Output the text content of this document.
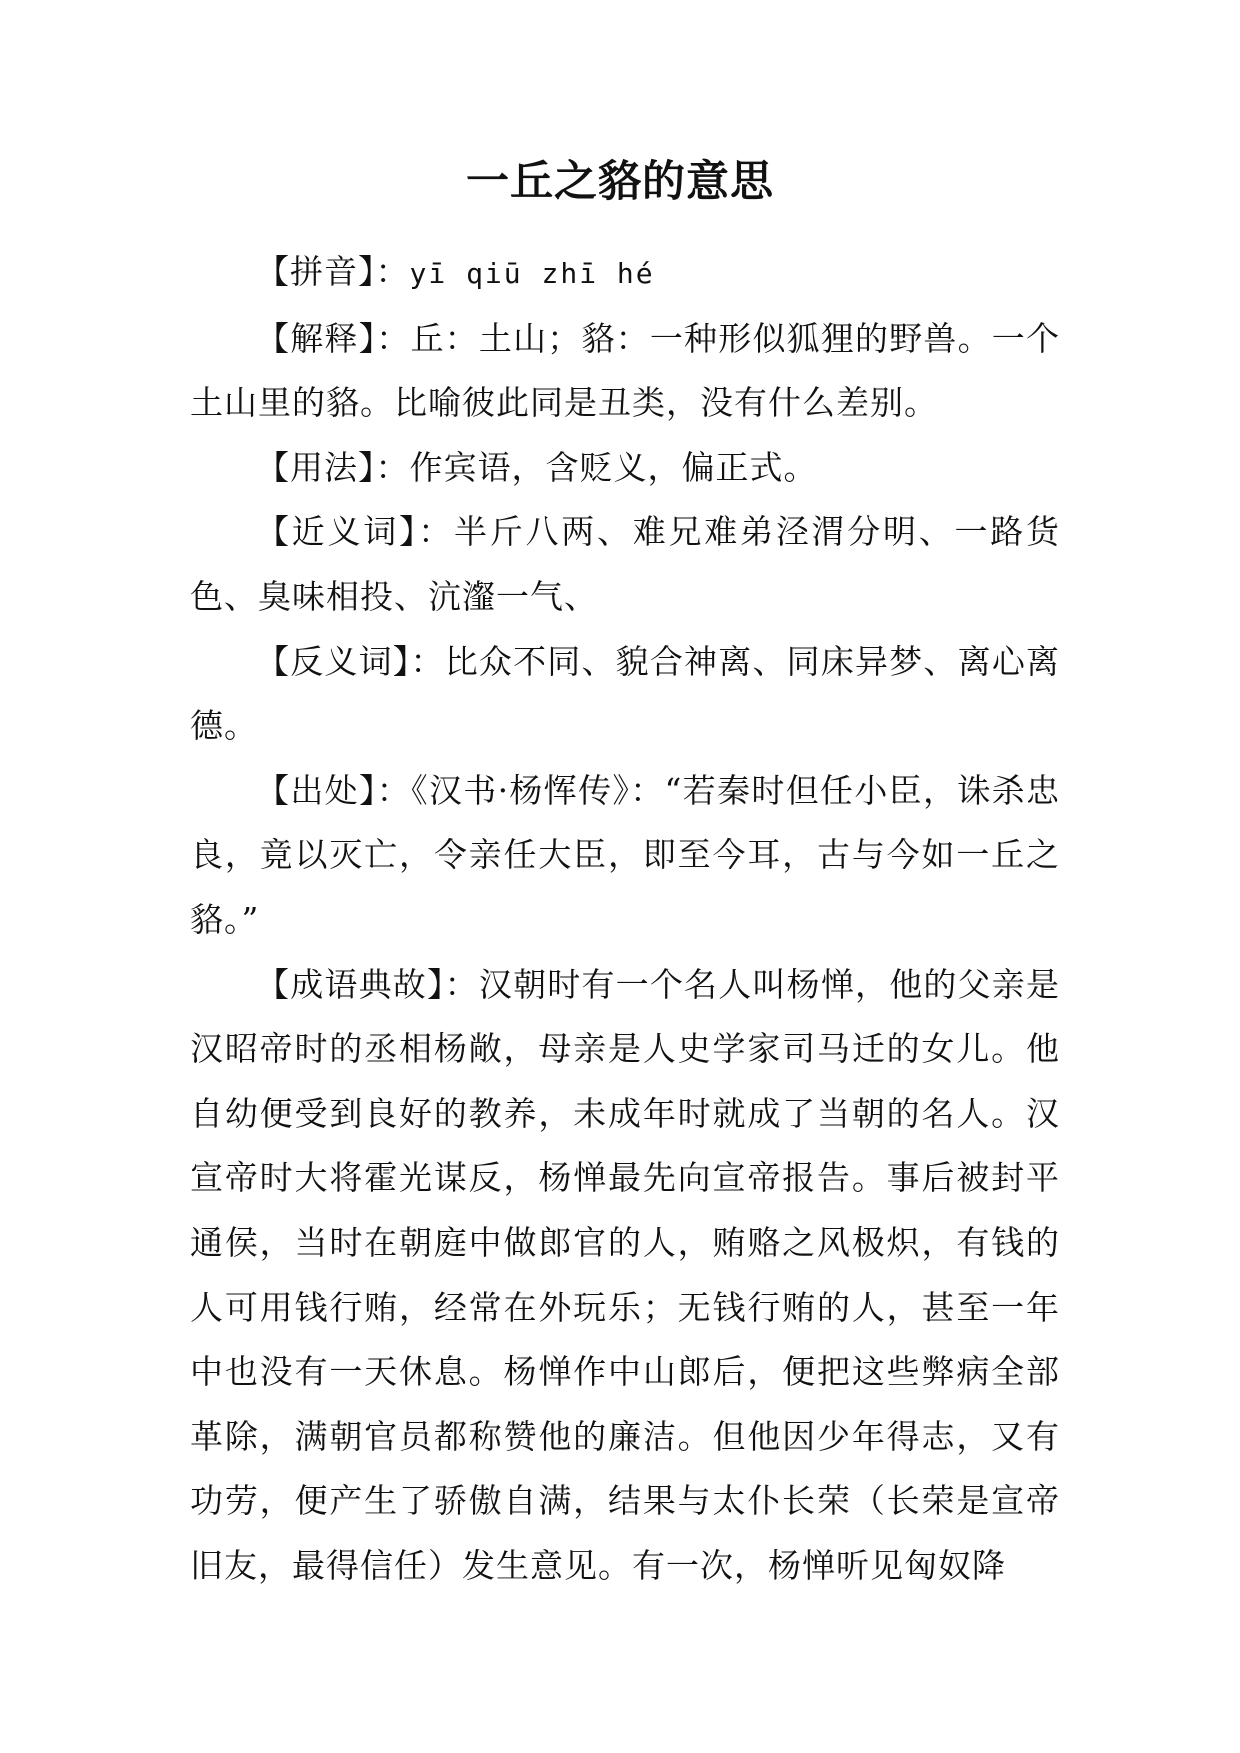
一丘之貉的意思

【拼音】：yī qiū zhī hé

【解释】：丘：土山；貉：一种形似狐狸的野兽。一个土山里的貉。比喻彼此同是丑类，没有什么差别。

【用法】：作宾语，含贬义，偏正式。

【近义词】：半斤八两、难兄难弟泾渭分明、一路货色、臭味相投、沆瀣一气、

【反义词】：比众不同、貌合神离、同床异梦、离心离德。

【出处】：《汉书·杨恽传》：“若秦时但任小臣，诛杀忠良，竟以灭亡，令亲任大臣，即至今耳，古与今如一丘之貉。”

【成语典故】：汉朝时有一个名人叫杨惮，他的父亲是汉昭帝时的丞相杨敞，母亲是人史学家司马迁的女儿。他自幼便受到良好的教养，未成年时就成了当朝的名人。汉宣帝时大将霍光谋反，杨惮最先向宣帝报告。事后被封平通侯，当时在朝庭中做郎官的人，贿赂之风极炽，有钱的人可用钱行贿，经常在外玩乐；无钱行贿的人，甚至一年中也没有一天休息。杨惮作中山郎后，便把这些弊病全部革除，满朝官员都称赞他的廉洁。但他因少年得志，又有功劳，便产生了骄傲自满，结果与太仆长荣（长荣是宣帝旧友，最得信任）发生意见。有一次，杨惮听见匈奴降
